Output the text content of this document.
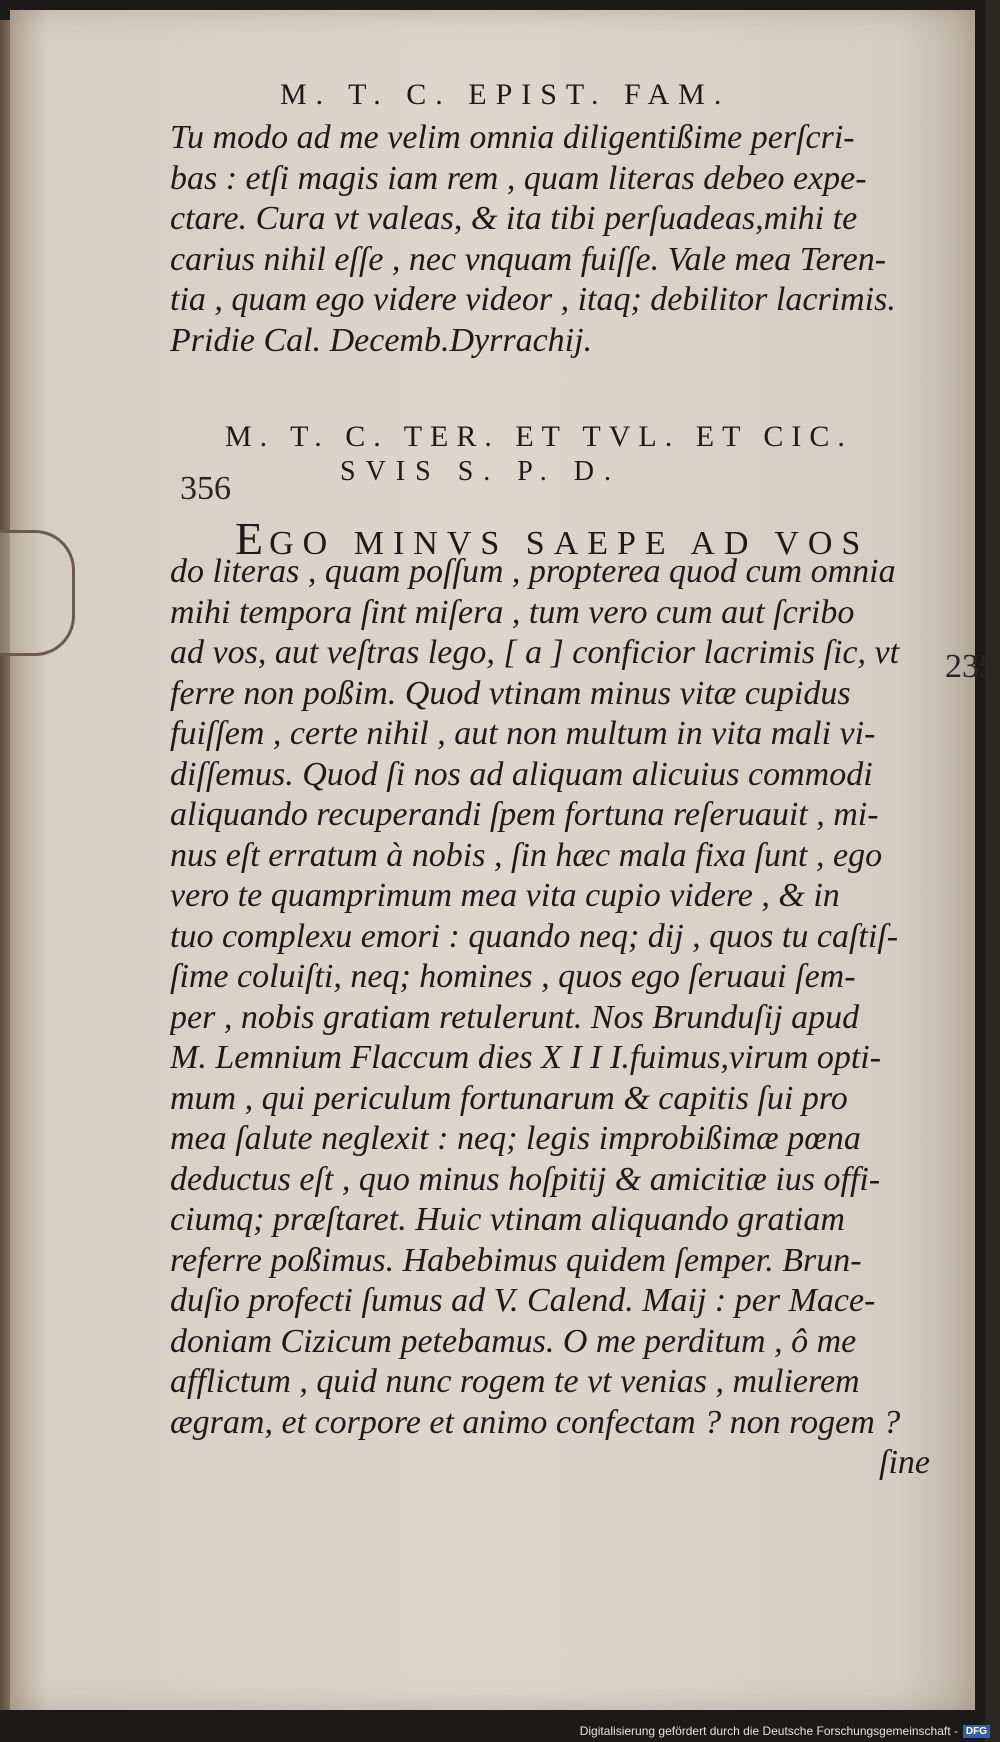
M. T. C. EPIST. FAM.
Tu modo ad me velim omnia diligentißime perſcri-
bas : etſi magis iam rem , quam literas debeo expe-
ctare. Cura vt valeas, & ita tibi perſuadeas,mihi te
carius nihil eſſe , nec vnquam fuiſſe. Vale mea Teren-
tia , quam ego videre videor , itaq; debilitor lacrimis.
Pridie Cal. Decemb.Dyrrachij.
M. T. C. TER. ET TVL. ET CIC.
SVIS S. P. D.
356
EGO MINVS SAEPE AD VOS
do literas , quam poſſum , propterea quod cum omnia
mihi tempora ſint miſera , tum vero cum aut ſcribo
ad vos, aut veſtras lego, [ a ] conficior lacrimis ſic, vt
ferre non poßim. Quod vtinam minus vitæ cupidus
fuiſſem , certe nihil , aut non multum in vita mali vi-
diſſemus. Quod ſi nos ad aliquam alicuius commodi
aliquando recuperandi ſpem fortuna reſeruauit , mi-
nus eſt erratum à nobis , ſin hæc mala fixa ſunt , ego
vero te quamprimum mea vita cupio videre , & in
tuo complexu emori : quando neq; dij , quos tu caſtiſ-
ſime coluiſti, neq; homines , quos ego ſeruaui ſem-
per , nobis gratiam retulerunt. Nos Brunduſij apud
M. Lemnium Flaccum dies X I I I.fuimus,virum opti-
mum , qui periculum fortunarum & capitis ſui pro
mea ſalute neglexit : neq; legis improbißimæ pœna
deductus eſt , quo minus hoſpitij & amicitiæ ius offi-
ciumq; præſtaret. Huic vtinam aliquando gratiam
referre poßimus. Habebimus quidem ſemper. Brun-
duſio profecti ſumus ad V. Calend. Maij : per Mace-
doniam Cizicum petebamus. O me perditum , ô me
afflictum , quid nunc rogem te vt venias , mulierem
ægram, et corpore et animo confectam ? non rogem ?
ſine
235
Digitalisierung gefördert durch die Deutsche Forschungsgemeinschaft - DFG
